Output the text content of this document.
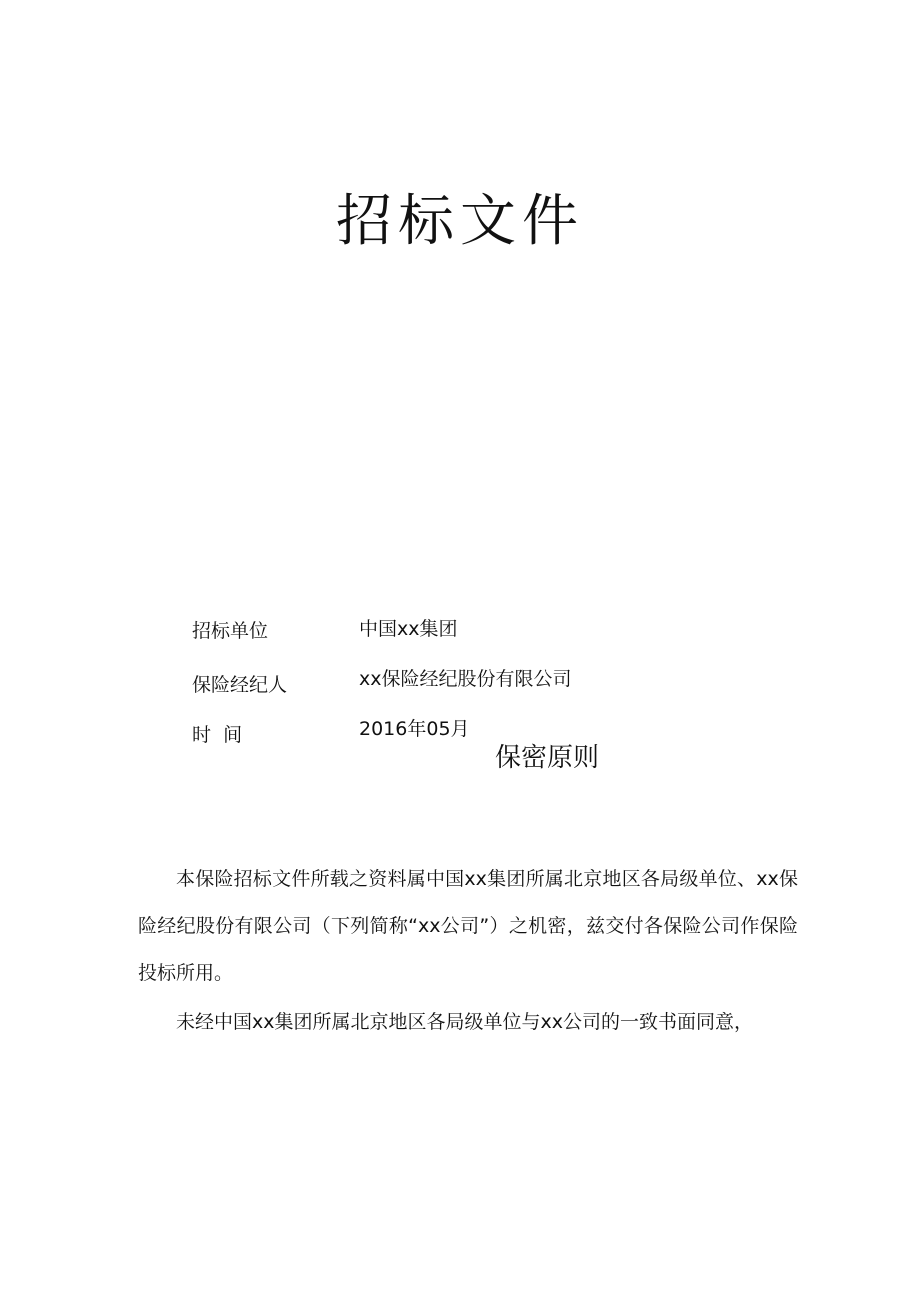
招标文件
招标单位	中国xx集团
保险经纪人	xx保险经纪股份有限公司
时  间	2016年05月
保密原则

本保险招标文件所载之资料属中国xx集团所属北京地区各局级单位、xx保险经纪股份有限公司（下列简称“xx公司”）之机密，兹交付各保险公司作保险投标所用。

未经中国xx集团所属北京地区各局级单位与xx公司的一致书面同意，
